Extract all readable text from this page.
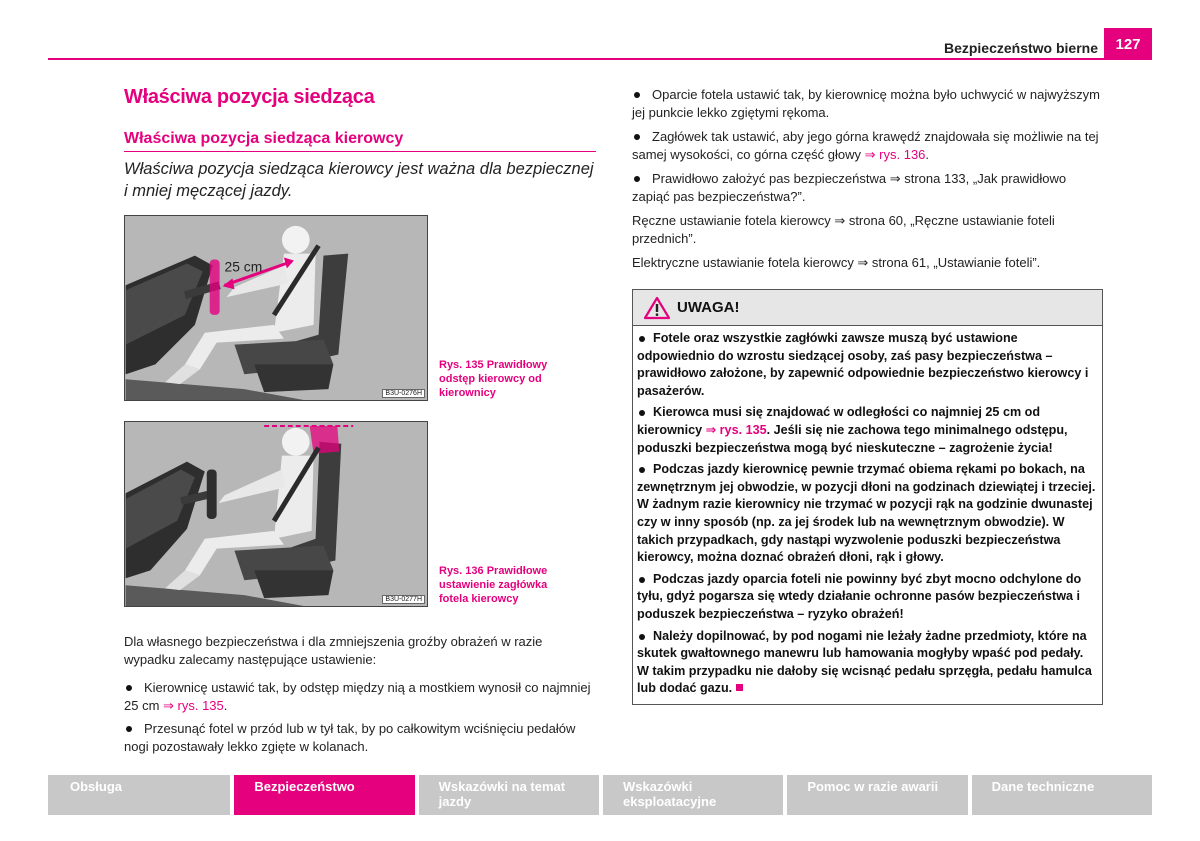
Bezpieczeństwo bierne	127
Właściwa pozycja siedząca
Właściwa pozycja siedząca kierowcy

Właściwa pozycja siedząca kierowcy jest ważna dla bezpiecznej i mniej męczącej jazdy.

25 cm
B3U-0276H
Rys. 135 Prawidłowy odstęp kierowcy od kierownicy
B3U-0277H
Rys. 136 Prawidłowe ustawienie zagłówka fotela kierowcy

Dla własnego bezpieczeństwa i dla zmniejszenia groźby obrażeń w razie wypadku zalecamy następujące ustawienie:

Kierownicę ustawić tak, by odstęp między nią a mostkiem wynosił co najmniej 25 cm ⇒ rys. 135.
Przesunąć fotel w przód lub w tył tak, by po całkowitym wciśnięciu pedałów nogi pozostawały lekko zgięte w kolanach.
Oparcie fotela ustawić tak, by kierownicę można było uchwycić w najwyższym jej punkcie lekko zgiętymi rękoma.
Zagłówek tak ustawić, aby jego górna krawędź znajdowała się możliwie na tej samej wysokości, co górna część głowy ⇒ rys. 136.
Prawidłowo założyć pas bezpieczeństwa ⇒ strona 133, „Jak prawidłowo zapiąć pas bezpieczeństwa?”.

Ręczne ustawianie fotela kierowcy ⇒ strona 60, „Ręczne ustawianie foteli przednich”.

Elektryczne ustawianie fotela kierowcy ⇒ strona 61, „Ustawianie foteli”.

UWAGA!
Fotele oraz wszystkie zagłówki zawsze muszą być ustawione odpowiednio do wzrostu siedzącej osoby, zaś pasy bezpieczeństwa – prawidłowo założone, by zapewnić odpowiednie bezpieczeństwo kierowcy i pasażerów.
Kierowca musi się znajdować w odległości co najmniej 25 cm od kierownicy ⇒ rys. 135. Jeśli się nie zachowa tego minimalnego odstępu, poduszki bezpieczeństwa mogą być nieskuteczne – zagrożenie życia!
Podczas jazdy kierownicę pewnie trzymać obiema rękami po bokach, na zewnętrznym jej obwodzie, w pozycji dłoni na godzinach dziewiątej i trzeciej. W żadnym razie kierownicy nie trzymać w pozycji rąk na godzinie dwunastej czy w inny sposób (np. za jej środek lub na wewnętrznym obwodzie). W takich przypadkach, gdy nastąpi wyzwolenie poduszki bezpieczeństwa kierowcy, można doznać obrażeń dłoni, rąk i głowy.
Podczas jazdy oparcia foteli nie powinny być zbyt mocno odchylone do tyłu, gdyż pogarsza się wtedy działanie ochronne pasów bezpieczeństwa i poduszek bezpieczeństwa – ryzyko obrażeń!
Należy dopilnować, by pod nogami nie leżały żadne przedmioty, które na skutek gwałtownego manewru lub hamowania mogłyby wpaść pod pedały. W takim przypadku nie dałoby się wcisnąć pedału sprzęgła, pedału hamulca lub dodać gazu.
Obsługa	Bezpieczeństwo	Wskazówki na temat jazdy
Wskazówki eksploatacyjne
Pomoc w razie awarii	Dane techniczne
